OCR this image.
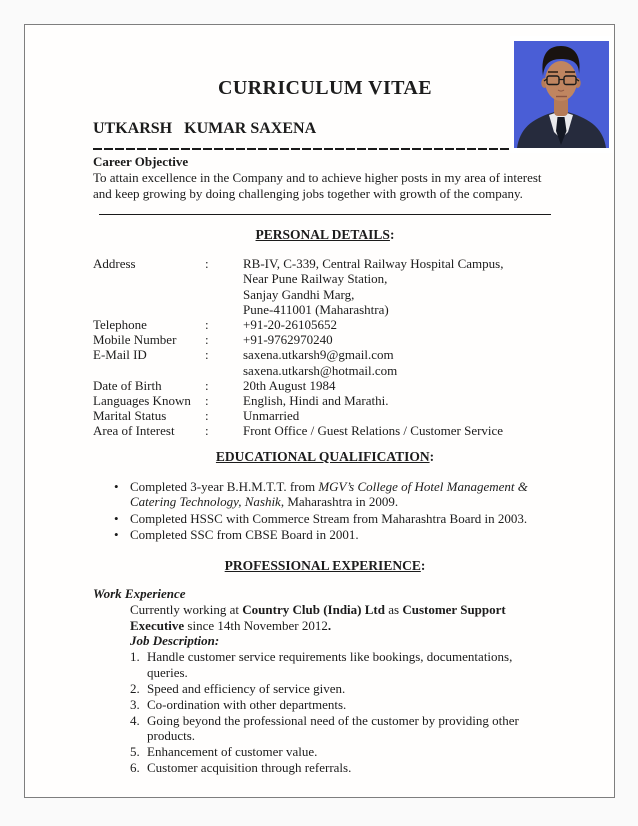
CURRICULUM VITAE
UTKARSH   KUMAR SAXENA
Career Objective

To attain excellence in the Company and to achieve higher posts in my area of interest and keep growing by doing challenging jobs together with growth of the company.

PERSONAL DETAILS:
Address	:	RB-IV, C-339, Central Railway Hospital Campus,
Near Pune Railway Station,
Sanjay Gandhi Marg,
Pune-411001 (Maharashtra)
Telephone	:	+91-20-26105652
Mobile Number	:	+91-9762970240
E-Mail ID	:	saxena.utkarsh9@gmail.com
saxena.utkarsh@hotmail.com
Date of Birth	:	20th August 1984
Languages Known	:	English, Hindi and Marathi.
Marital Status	:	Unmarried
Area of Interest	:	Front Office / Guest Relations / Customer Service
EDUCATIONAL QUALIFICATION:
• Completed 3-year B.H.M.T.T. from MGV’s College of Hotel Management & Catering Technology, Nashik, Maharashtra in 2009.
• Completed HSSC with Commerce Stream from Maharashtra Board in 2003.
• Completed SSC from CBSE Board in 2001.
PROFESSIONAL EXPERIENCE:
Work Experience
Currently working at Country Club (India) Ltd as Customer Support Executive since 14th November 2012.
Job Description:
1. Handle customer service requirements like bookings, documentations, queries.
2. Speed and efficiency of service given.
3. Co-ordination with other departments.
4. Going beyond the professional need of the customer by providing other products.
5. Enhancement of customer value.
6. Customer acquisition through referrals.
